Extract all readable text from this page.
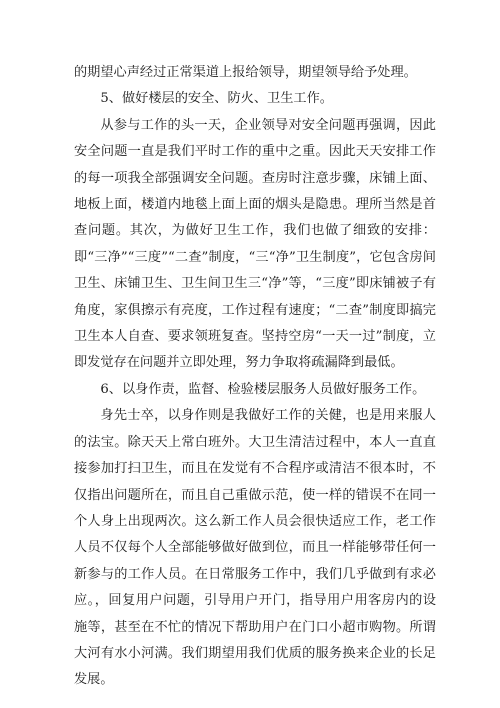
的期望心声经过正常渠道上报给领导，期望领导给予处理。

5、做好楼层的安全、防火、卫生工作。

从参与工作的头一天，企业领导对安全问题再强调，因此安全问题一直是我们平时工作的重中之重。因此天天安排工作的每一项我全部强调安全问题。查房时注意步骤，床铺上面、地板上面，楼道内地毯上面上面的烟头是隐患。理所当然是首查问题。其次，为做好卫生工作，我们也做了细致的安排：即“三净”“三度”“二查”制度，“三“净”卫生制度”，它包含房间卫生、床铺卫生、卫生间卫生三“净”等，“三度”即床铺被子有角度，家俱擦示有亮度，工作过程有速度；“二查”制度即搞完卫生本人自查、要求领班复查。坚持空房“一天一过”制度，立即发觉存在问题并立即处理，努力争取将疏漏降到最低。

6、以身作责，监督、检验楼层服务人员做好服务工作。

身先士卒，以身作则是我做好工作的关健，也是用来服人的法宝。除天天上常白班外。大卫生清洁过程中，本人一直直接参加打扫卫生，而且在发觉有不合程序或清洁不很本时，不仅指出问题所在，而且自己重做示范，使一样的错误不在同一个人身上出现两次。这么新工作人员会很快适应工作，老工作人员不仅每个人全部能够做好做到位，而且一样能够带任何一新参与的工作人员。在日常服务工作中，我们几乎做到有求必应。，回复用户问题，引导用户开门，指导用户用客房内的设施等，甚至在不忙的情况下帮助用户在门口小超市购物。所谓大河有水小河满。我们期望用我们优质的服务换来企业的长足发展。
